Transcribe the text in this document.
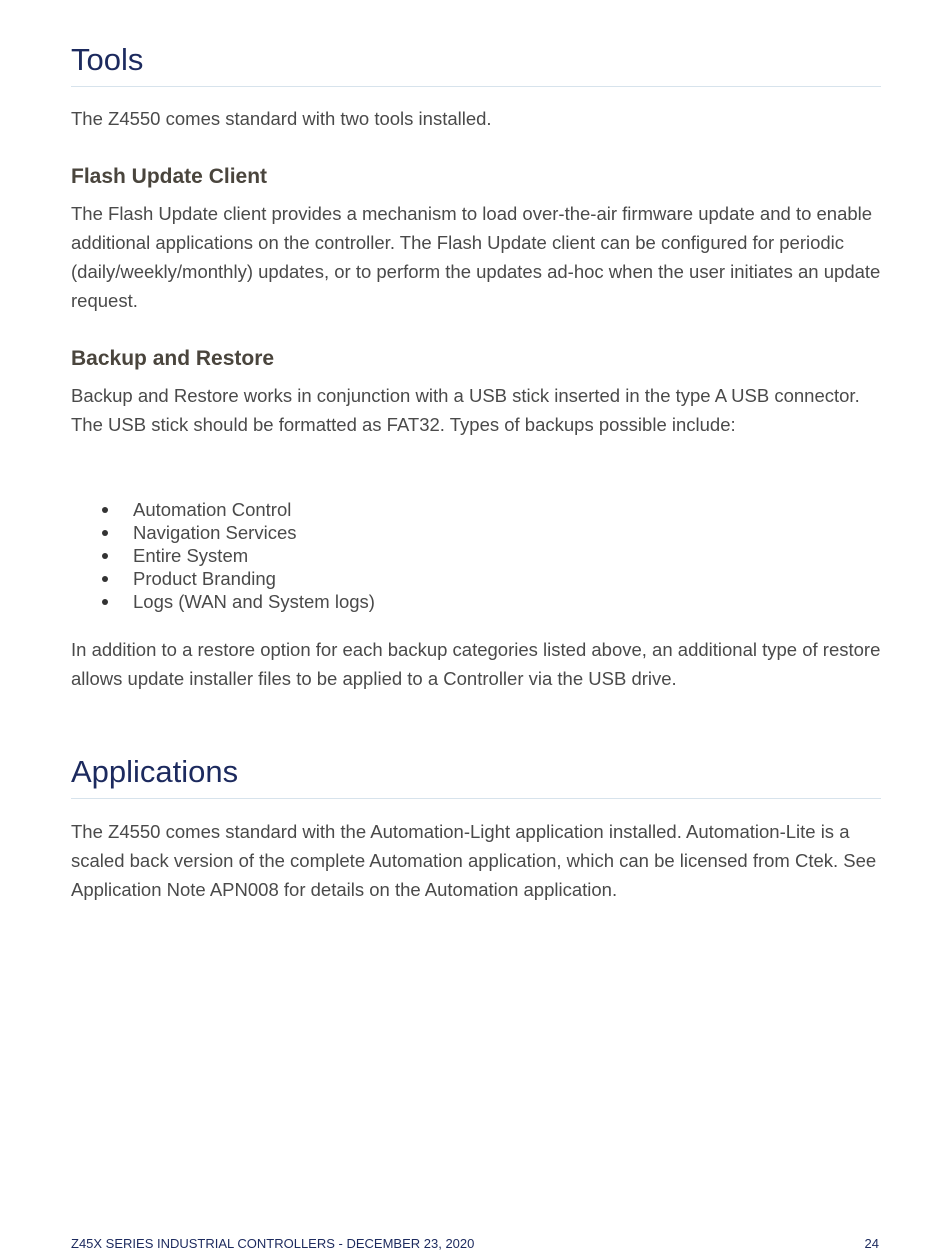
Tools

The Z4550 comes standard with two tools installed.

Flash Update Client

The Flash Update client provides a mechanism to load over-the-air firmware update and to enable additional applications on the controller. The Flash Update client can be configured for periodic (daily/weekly/monthly) updates, or to perform the updates ad-hoc when the user initiates an update request.

Backup and Restore

Backup and Restore works in conjunction with a USB stick inserted in the type A USB connector. The USB stick should be formatted as FAT32. Types of backups possible include:

Automation Control
Navigation Services
Entire System
Product Branding
Logs (WAN and System logs)

In addition to a restore option for each backup categories listed above, an additional type of restore allows update installer files to be applied to a Controller via the USB drive.

Applications

The Z4550 comes standard with the Automation-Light application installed. Automation-Lite is a scaled back version of the complete Automation application, which can be licensed from Ctek. See Application Note APN008 for details on the Automation application.

Z45X SERIES INDUSTRIAL CONTROLLERS - DECEMBER 23, 2020	24
